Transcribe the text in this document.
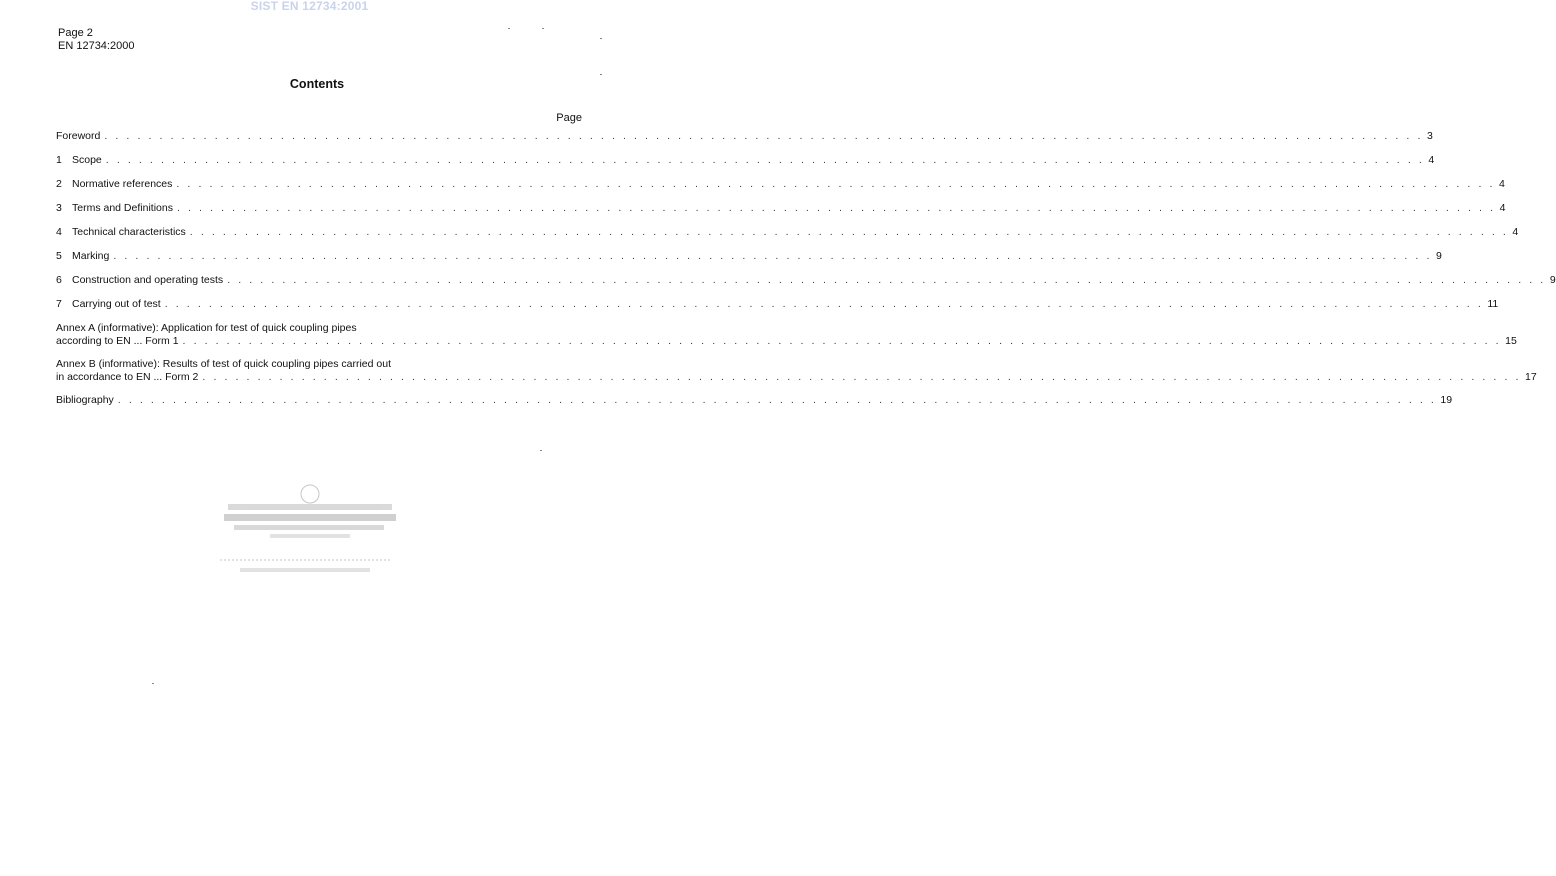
SIST EN 12734:2001
Page 2
EN 12734:2000
Contents
Page
Foreword . . . . . . . . . . . . . . . . . . . . . . . . . . . . . . . . . . . . . . . . . . . . . . . . . . . . . . . . . . . . . . . . . . . . . . . . . . . . . . . . . . . . . . . . . . . . . . . . . . . . . . . . . . . . . . . . . . . . . . . . 3
1 Scope . . . . . . . . . . . . . . . . . . . . . . . . . . . . . . . . . . . . . . . . . . . . . . . . . . . . . . . . . . . . . . . . . . . . . . . . . . . . . . . . . . . . . . . . . . . . . . . . . . . . . . . . . . . . . . . . . . . . . . . . 4
2 Normative references . . . . . . . . . . . . . . . . . . . . . . . . . . . . . . . . . . . . . . . . . . . . . . . . . . . . . . . . . . . . . . . . . . . . . . . . . . . . . . . . . . . . . . . . . . . . . . . . . . . . . . . . . . . . . . . . . . . . . . . . 4
3 Terms and Definitions . . . . . . . . . . . . . . . . . . . . . . . . . . . . . . . . . . . . . . . . . . . . . . . . . . . . . . . . . . . . . . . . . . . . . . . . . . . . . . . . . . . . . . . . . . . . . . . . . . . . . . . . . . . . . . . . . . . . . . . . 4
4 Technical characteristics . . . . . . . . . . . . . . . . . . . . . . . . . . . . . . . . . . . . . . . . . . . . . . . . . . . . . . . . . . . . . . . . . . . . . . . . . . . . . . . . . . . . . . . . . . . . . . . . . . . . . . . . . . . . . . . . . . . . . . . . 4
5 Marking . . . . . . . . . . . . . . . . . . . . . . . . . . . . . . . . . . . . . . . . . . . . . . . . . . . . . . . . . . . . . . . . . . . . . . . . . . . . . . . . . . . . . . . . . . . . . . . . . . . . . . . . . . . . . . . . . . . . . . . . 9
6 Construction and operating tests . . . . . . . . . . . . . . . . . . . . . . . . . . . . . . . . . . . . . . . . . . . . . . . . . . . . . . . . . . . . . . . . . . . . . . . . . . . . . . . . . . . . . . . . . . . . . . . . . . . . . . . . . . . . . . . . . . . . . . . . 9
7 Carrying out of test . . . . . . . . . . . . . . . . . . . . . . . . . . . . . . . . . . . . . . . . . . . . . . . . . . . . . . . . . . . . . . . . . . . . . . . . . . . . . . . . . . . . . . . . . . . . . . . . . . . . . . . . . . . . . . . . . . . . . . . . 11
Annex A (informative): Application for test of quick coupling pipes
according to EN ... Form 1 . . . . . . . . . . . . . . . . . . . . . . . . . . . . . . . . . . . . . . . . . . . . . . . . . . . . . . . . . . . . . . . . . . . . . . . . . . . . . . . . . . . . . . . . . . . . . . . . . . . . . . . . . . . . . . . . . . . . . . . . 15
Annex B (informative): Results of test of quick coupling pipes carried out
in accordance to EN ... Form 2 . . . . . . . . . . . . . . . . . . . . . . . . . . . . . . . . . . . . . . . . . . . . . . . . . . . . . . . . . . . . . . . . . . . . . . . . . . . . . . . . . . . . . . . . . . . . . . . . . . . . . . . . . . . . . . . . . . . . . . . . 17
Bibliography . . . . . . . . . . . . . . . . . . . . . . . . . . . . . . . . . . . . . . . . . . . . . . . . . . . . . . . . . . . . . . . . . . . . . . . . . . . . . . . . . . . . . . . . . . . . . . . . . . . . . . . . . . . . . . . . . . . . . . . . 19
